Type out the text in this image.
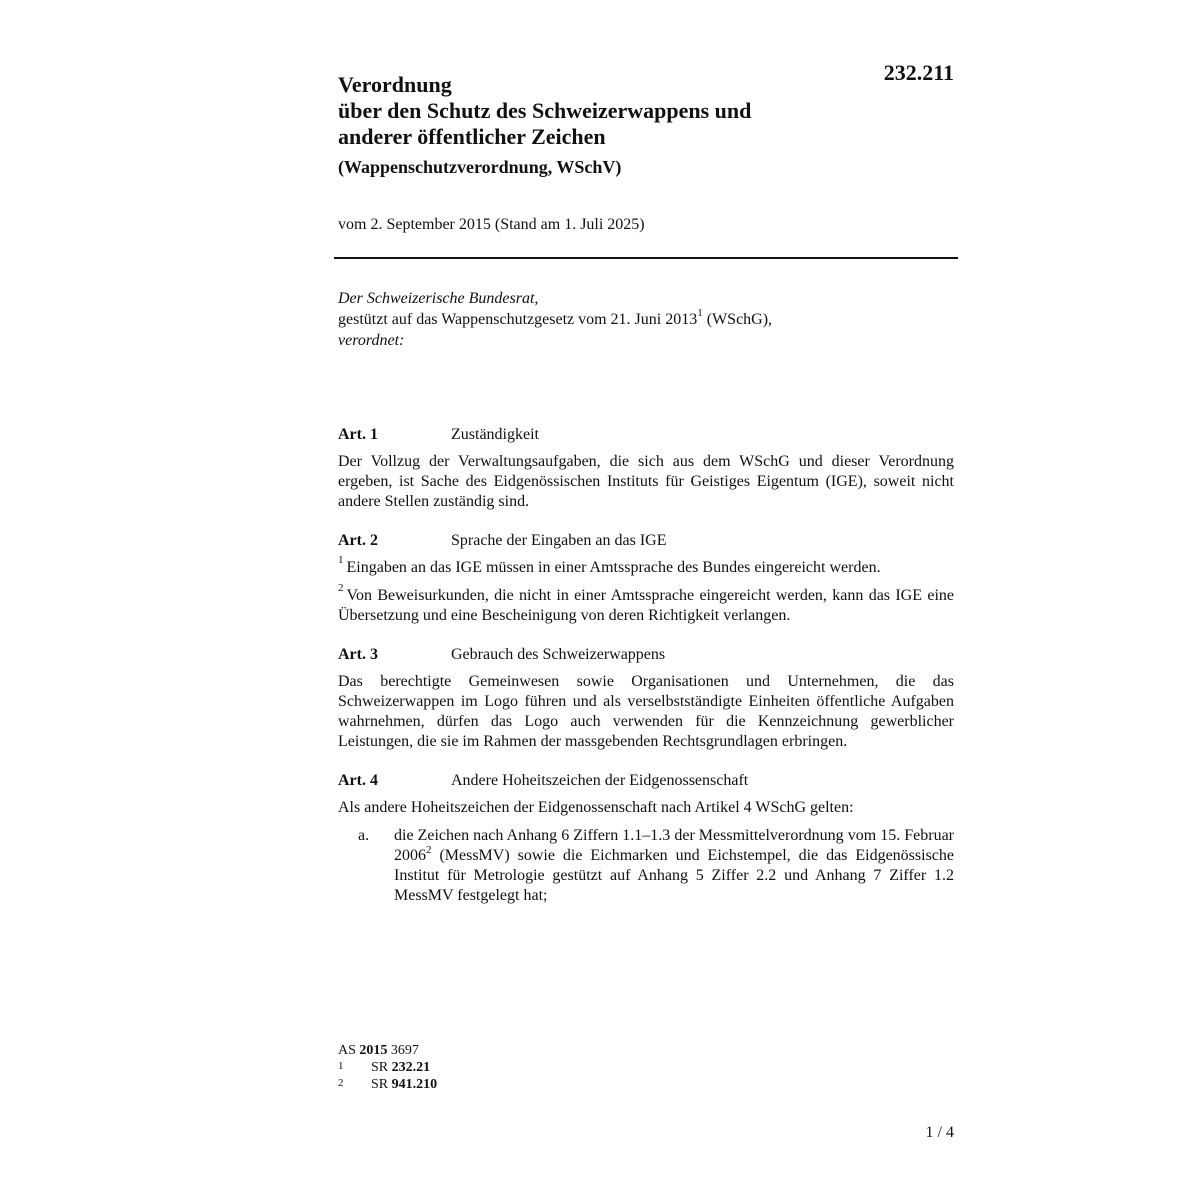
232.211
Verordnung
über den Schutz des Schweizerwappens und
anderer öffentlicher Zeichen
(Wappenschutzverordnung, WSchV)
vom 2. September 2015 (Stand am 1. Juli 2025)
Der Schweizerische Bundesrat,
gestützt auf das Wappenschutzgesetz vom 21. Juni 2013$^1$ (WSchG),
verordnet:
Art. 1	Zuständigkeit
Der Vollzug der Verwaltungsaufgaben, die sich aus dem WSchG und dieser Verordnung ergeben, ist Sache des Eidgenössischen Instituts für Geistiges Eigentum (IGE), soweit nicht andere Stellen zuständig sind.
Art. 2	Sprache der Eingaben an das IGE
$^1$ Eingaben an das IGE müssen in einer Amtssprache des Bundes eingereicht werden.
$^2$ Von Beweisurkunden, die nicht in einer Amtssprache eingereicht werden, kann das IGE eine Übersetzung und eine Bescheinigung von deren Richtigkeit verlangen.
Art. 3	Gebrauch des Schweizerwappens
Das berechtigte Gemeinwesen sowie Organisationen und Unternehmen, die das Schweizerwappen im Logo führen und als verselbstständigte Einheiten öffentliche Aufgaben wahrnehmen, dürfen das Logo auch verwenden für die Kennzeichnung gewerblicher Leistungen, die sie im Rahmen der massgebenden Rechtsgrundlagen erbringen.
Art. 4	Andere Hoheitszeichen der Eidgenossenschaft
Als andere Hoheitszeichen der Eidgenossenschaft nach Artikel 4 WSchG gelten:
a.	die Zeichen nach Anhang 6 Ziffern 1.1–1.3 der Messmittelverordnung vom 15. Februar 2006$^2$ (MessMV) sowie die Eichmarken und Eichstempel, die das Eidgenössische Institut für Metrologie gestützt auf Anhang 5 Ziffer 2.2 und Anhang 7 Ziffer 1.2 MessMV festgelegt hat;
AS 2015 3697
1	SR 232.21
2	SR 941.210
1 / 4
